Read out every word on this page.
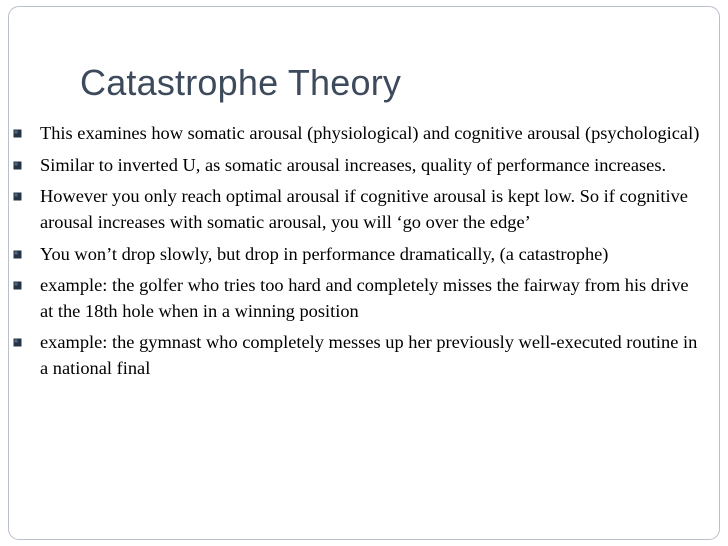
Catastrophe Theory
This examines how somatic arousal (physiological) and cognitive arousal (psychological)
Similar to inverted U, as somatic arousal increases, quality of performance increases.
However you only reach optimal arousal if cognitive arousal is kept low. So if cognitive arousal increases with somatic arousal, you will ‘go over the edge’
You won’t drop slowly, but drop in performance dramatically, (a catastrophe)
example: the golfer who tries too hard and completely misses the fairway from his drive at the 18th hole when in a winning position
example: the gymnast who completely messes up her previously well-executed routine in a national final
